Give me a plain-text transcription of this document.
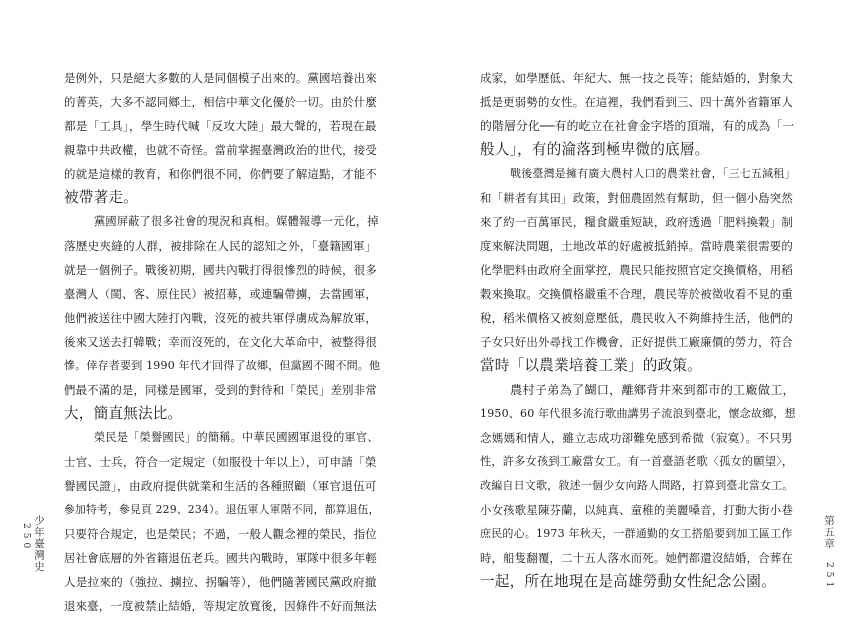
是例外，只是絕大多數的人是同個模子出來的。黨國培養出來
的菁英，大多不認同鄉土，相信中華文化優於一切。由於什麼
都是「工具」，學生時代喊「反攻大陸」最大聲的，若現在最
親靠中共政權，也就不奇怪。當前掌握臺灣政治的世代，接受
的就是這樣的教育，和你們很不同，你們要了解這點，才能不
被帶著走。
黨國屏蔽了很多社會的現況和真相。媒體報導一元化，掉
落歷史夾縫的人群，被排除在人民的認知之外，「臺籍國軍」
就是一個例子。戰後初期，國共內戰打得很慘烈的時候，很多
臺灣人（閩、客、原住民）被招募，或連騙帶擄，去當國軍，
他們被送往中國大陸打內戰，沒死的被共軍俘虜成為解放軍，
後來又送去打韓戰；幸而沒死的，在文化大革命中，被整得很
慘。倖存者要到 1990 年代才回得了故鄉，但黨國不聞不問。他
們最不滿的是，同樣是國軍，受到的對待和「榮民」差別非常
大，簡直無法比。
榮民是「榮譽國民」的簡稱。中華民國國軍退役的軍官、
士官、士兵，符合一定規定（如服役十年以上），可申請「榮
譽國民證」，由政府提供就業和生活的各種照顧（軍官退伍可
參加特考，參見頁 229、234）。退伍軍人軍階不同，都算退伍，
只要符合規定，也是榮民；不過，一般人觀念裡的榮民，指位
居社會底層的外省籍退伍老兵。國共內戰時，軍隊中很多年輕
人是拉來的（強拉、擄拉、拐騙等），他們隨著國民黨政府撤
退來臺，一度被禁止結婚，等規定放寬後，因條件不好而無法
少年臺灣史 250
成家，如學歷低、年紀大、無一技之長等；能結婚的，對象大
抵是更弱勢的女性。在這裡，我們看到三、四十萬外省籍軍人
的階層分化──有的屹立在社會金字塔的頂端，有的成為「一
般人」，有的淪落到極卑微的底層。
戰後臺灣是擁有廣大農村人口的農業社會，「三七五減租」
和「耕者有其田」政策，對佃農固然有幫助，但一個小島突然
來了約一百萬軍民，糧食嚴重短缺，政府透過「肥料換穀」制
度來解決問題，土地改革的好處被抵銷掉。當時農業很需要的
化學肥料由政府全面掌控，農民只能按照官定交換價格，用稻
穀來換取。交換價格嚴重不合理，農民等於被徵收看不見的重
稅，稻米價格又被刻意壓低，農民收入不夠維持生活，他們的
子女只好出外尋找工作機會，正好提供工廠廉價的勞力，符合
當時「以農業培養工業」的政策。
農村子弟為了餬口，離鄉背井來到都市的工廠做工，
1950、60 年代很多流行歌曲講男子流浪到臺北，懷念故鄉，想
念媽媽和情人，雖立志成功卻難免感到希微（寂寞）。不只男
性，許多女孩到工廠當女工。有一首臺語老歌〈孤女的願望〉，
改編自日文歌，敘述一個少女向路人問路，打算到臺北當女工。
小女孩歌星陳芬蘭，以純真、童稚的美麗嗓音，打動大街小巷
庶民的心。1973 年秋天，一群通勤的女工搭船要到加工區工作
時，船隻翻覆，二十五人落水而死。她們都還沒結婚，合葬在
一起，所在地現在是高雄勞動女性紀念公園。
第五章 251
